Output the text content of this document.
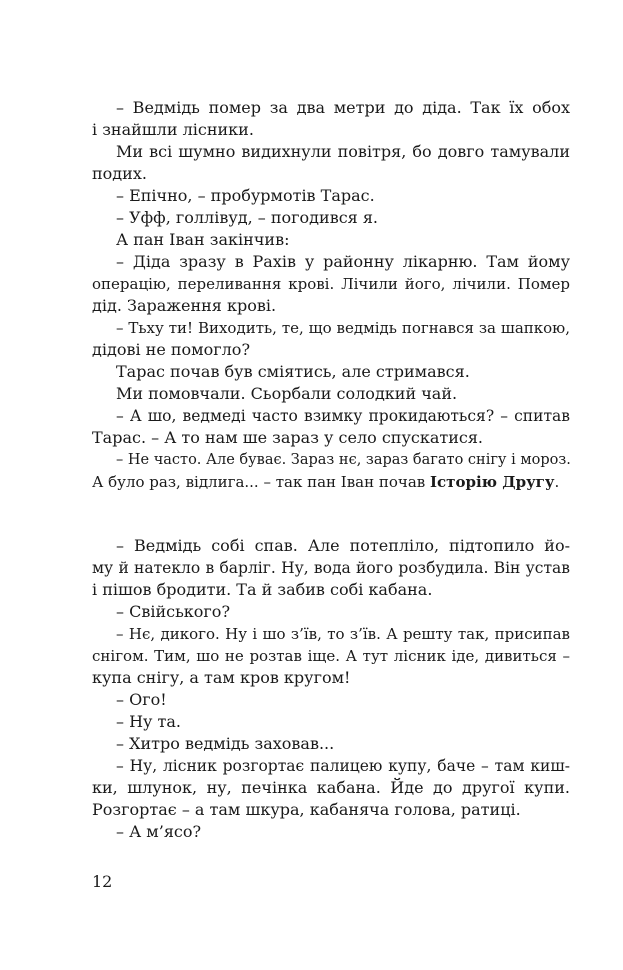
– Ведмідь помер за два метри до діда. Так їх обох
і знайшли лісники.
Ми всі шумно видихнули повітря, бо довго тамували
подих.
– Епічно, – пробурмотів Тарас.
– Уфф, голлівуд, – погодився я.
А пан Іван закінчив:
– Діда зразу в Рахів у районну лікарню. Там йому
операцію, переливання крові. Лічили його, лічили. Помер
дід. Зараження крові.
– Тьху ти! Виходить, те, що ведмідь погнався за шапкою,
дідові не помогло?
Тарас почав був сміятись, але стримався.
Ми помовчали. Сьорбали солодкий чай.
– А шо, ведмеді часто взимку прокидаються? – спитав
Тарас. – А то нам ше зараз у село спускатися.
– Не часто. Але буває. Зараз нє, зараз багато снігу і мороз.
А було раз, відлига... – так пан Іван почав Історію Другу.
– Ведмідь собі спав. Але потепліло, підтопило йо-
му й натекло в барліг. Ну, вода його розбудила. Він устав
і пішов бродити. Та й забив собі кабана.
– Свійського?
– Нє, дикого. Ну і шо з’їв, то з’їв. А решту так, присипав
снігом. Тим, шо не розтав іще. А тут лісник іде, дивиться –
купа снігу, а там кров кругом!
– Ого!
– Ну та.
– Хитро ведмідь заховав...
– Ну, лісник розгортає палицею купу, баче – там киш-
ки, шлунок, ну, печінка кабана. Йде до другої купи.
Розгортає – а там шкура, кабаняча голова, ратиці.
– А м’ясо?
12
